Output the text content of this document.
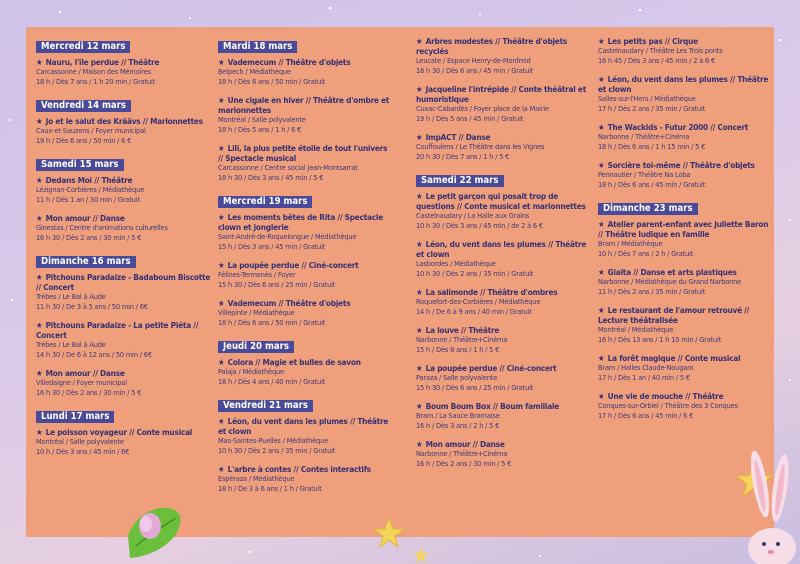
Mercredi 12 mars
★ Nauru, l'île perdue // Théâtre
Carcassonne / Maison des Mémoires
18 h / Dès 7 ans / 1 h 20 min / Gratuit
Vendredi 14 mars
★ Jo et le salut des Kräävs // Marionnettes
Caux-et-Sauzens / Foyer municipal
19 h / Dès 6 ans / 50 min / 6 €
Samedi 15 mars
★ Dedans Moi // Théâtre
Lézignan-Corbières / Médiathèque
11 h / Dès 1 an / 30 min / Gratuit
★ Mon amour // Danse
Ginestas / Centre d'animations culturelles
16 h 30 / Dès 2 ans / 30 min / 5 €
Dimanche 16 mars
★ Pitchouns Paradaize - Badaboum Biscotte // Concert
Trèbes / Le Bal à Aude
11 h 30 / De 3 à 5 ans / 50 min / 6€
★ Pitchouns Paradaize - La petite Piéta // Concert
Trèbes / Le Bal à Aude
14 h 30 / De 6 à 12 ans / 50 min / 6€
★ Mon amour // Danse
Villedaigne / Foyer municipal
16 h 30 / Dès 2 ans / 30 min / 5 €
Lundi 17 mars
★ Le poisson voyageur // Conte musical
Montréal / Salle polyvalente
10 h / Dès 3 ans / 45 min / 6€
Mardi 18 mars
★ Vademecum // Théâtre d'objets
Belpech / Médiathèque
18 h / Dès 6 ans / 50 min / Gratuit
★ Une cigale en hiver // Théâtre d'ombre et marionnettes
Montréal / Salle polyvalente
18 h / Dès 5 ans / 1 h / 6 €
★ Lili, la plus petite étoile de tout l'univers // Spectacle musical
Carcassonne / Centre social Jean-Montsarrat
18 h 30 / Dès 3 ans / 45 min / 5 €
Mercredi 19 mars
★ Les moments bêtes de Rita // Spectacle clown et jonglerie
Saint-André-de-Roquelongue / Médiathèque
15 h / Dès 3 ans / 45 min / Gratuit
★ La poupée perdue // Ciné-concert
Félines-Termenès / Foyer
15 h 30 / Dès 6 ans / 25 min / Gratuit
★ Vademecum // Théâtre d'objets
Villepinte / Médiathèque
18 h / Dès 6 ans / 50 min / Gratuit
Jeudi 20 mars
★ Colora // Magie et bulles de savon
Palaja / Médiathèque
18 h / Dès 4 ans / 40 min / Gratuit
Vendredi 21 mars
★ Léon, du vent dans les plumes // Théâtre et clown
Mas-Saintes-Puelles / Médiathèque
10 h 30 / Dès 2 ans / 35 min / Gratuit
★ L'arbre à contes // Contes interactifs
Espéraza / Médiathèque
18 h / De 3 à 6 ans / 1 h / Gratuit
★ Arbres modestes // Théâtre d'objets recyclés
Leucate / Espace Henry-de-Monfreid
18 h 30 / Dès 6 ans / 45 min / Gratuit
★ Jacqueline l'intrépide // Conte théâtral et humoristique
Cuxac-Cabardès / Foyer place de la Mairie
19 h / Dès 5 ans / 45 min / Gratuit
★ ImpACT // Danse
Couffoulens / Le Théâtre dans les Vignes
20 h 30 / Dès 7 ans / 1 h / 5 €
Samedi 22 mars
★ Le petit garçon qui posait trop de questions // Conte musical et marionnettes
Castelnaudary / La Halle aux Grains
10 h 30 / Dès 3 ans / 45 min / de 2 à 6 €
★ Léon, du vent dans les plumes // Théâtre et clown
Lasbordes / Médiathèque
10 h 30 / Dès 2 ans / 35 min / Gratuit
★ La salimonde // Théâtre d'ombres
Roquefort-des-Corbières / Médiathèque
14 h / De 6 à 9 ans / 40 min / Gratuit
★ La louve // Théâtre
Narbonne / Théâtre+Cinéma
15 h / Dès 8 ans / 1 h / 5 €
★ La poupée perdue // Ciné-concert
Paraza / Salle polyvalente
15 h 30 / Dès 6 ans / 25 min / Gratuit
★ Boum Boum Box // Boum familiale
Bram / La Sauce Bramaise
16 h / Dès 3 ans / 2 h / 5 €
★ Mon amour // Danse
Narbonne / Théâtre+Cinéma
16 h / Dès 2 ans / 30 min / 5 €
★ Les petits pas // Cirque
Castelnaudary / Théâtre Les Trois ponts
16 h 45 / Dès 3 ans / 45 min / 2 à 6 €
★ Léon, du vent dans les plumes // Théâtre et clown
Salles-sur-l'Hers / Médiathèque
17 h / Dès 2 ans / 35 min / Gratuit
★ The Wackids - Futur 2000 // Concert
Narbonne / Théâtre+Cinéma
18 h / Dès 6 ans / 1 h 15 min / 5 €
★ Sorcière toi-même // Théâtre d'objets
Pennautier / Théâtre Na Loba
18 h / Dès 6 ans / 45 min / Gratuit
Dimanche 23 mars
★ Atelier parent-enfant avec Juliette Baron // Théâtre ludique en famille
Bram / Médiathèque
10 h / Dès 7 ans / 2 h / Gratuit
★ Giaïta // Danse et arts plastiques
Narbonne / Médiathèque du Grand Narbonne
11 h / Dès 2 ans / 35 min / Gratuit
★ Le restaurant de l'amour retrouvé // Lecture théâtralisée
Montréal / Médiathèque
16 h / Dès 13 ans / 1 h 10 min / Gratuit
★ La forêt magique // Conte musical
Bram / Halles Claude-Nougaro
17 h / Dès 1 an / 40 min / 5 €
★ Une vie de mouche // Théâtre
Conques-sur-Orbiel / Théâtre des 3 Conques
17 h / Dès 6 ans / 45 min / 6 €
